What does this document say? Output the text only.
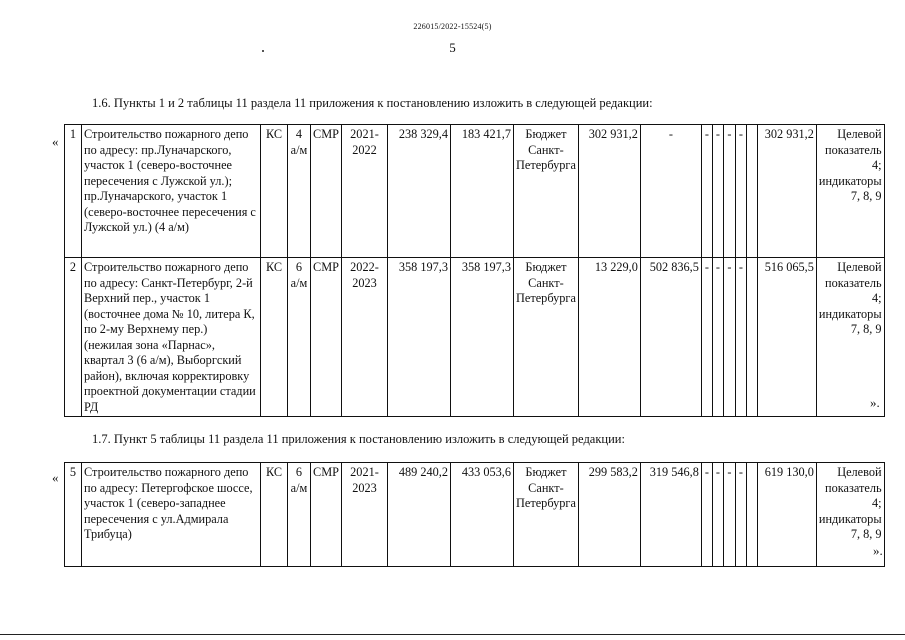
226015/2022-15524(5)
5
1.6. Пункты 1 и 2 таблицы 11 раздела 11 приложения к постановлению изложить в следующей редакции:
« 1	Строительство пожарного депо по адресу: пр.Луначарского, участок 1 (северо-восточнее пересечения с Лужской ул.); пр.Луначарского, участок 1 (северо-восточнее пересечения с Лужской ул.) (4 а/м)	КС	4 а/м	СМР	2021-2022	238 329,4	183 421,7	Бюджет Санкт-Петербурга	302 931,2	-	-	-	-	-		302 931,2	Целевой показатель 4; индикаторы 7, 8, 9
2	Строительство пожарного депо по адресу: Санкт-Петербург, 2-й Верхний пер., участок 1 (восточнее дома № 10, литера К, по 2-му Верхнему пер.) (нежилая зона «Парнас», квартал 3 (6 а/м), Выборгский район), включая корректировку проектной документации стадии РД	КС	6 а/м	СМР	2022-2023	358 197,3	358 197,3	Бюджет Санкт-Петербурга	13 229,0	502 836,5	-	-	-	-		516 065,5	Целевой показатель 4; индикаторы 7, 8, 9
».
1.7. Пункт 5 таблицы 11 раздела 11 приложения к постановлению изложить в следующей редакции:
« 5	Строительство пожарного депо по адресу: Петергофское шоссе, участок 1 (северо-западнее пересечения с ул.Адмирала Трибуца)	КС	6 а/м	СМР	2021-2023	489 240,2	433 053,6	Бюджет Санкт-Петербурга	299 583,2	319 546,8	-	-	-	-		619 130,0	Целевой показатель 4; индикаторы 7, 8, 9
».
